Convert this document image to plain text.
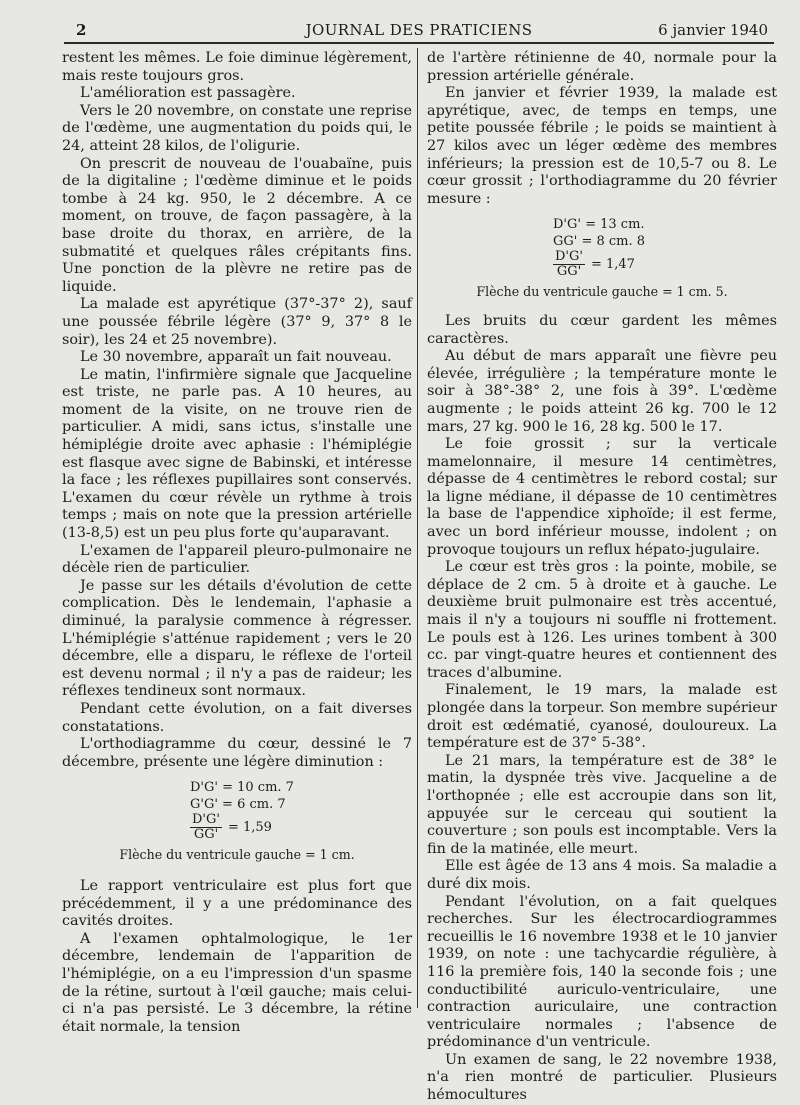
2	JOURNAL DES PRATICIENS	6 janvier 1940

restent les mêmes. Le foie diminue légèrement, mais reste toujours gros.

L'amélioration est passagère.

Vers le 20 novembre, on constate une reprise de l'œdème, une augmentation du poids qui, le 24, atteint 28 kilos, de l'oligurie.

On prescrit de nouveau de l'ouabaïne, puis de la digitaline ; l'œdème diminue et le poids tombe à 24 kg. 950, le 2 décembre. A ce moment, on trouve, de façon passagère, à la base droite du thorax, en arrière, de la submatité et quelques râles crépitants fins. Une ponction de la plèvre ne retire pas de liquide.

La malade est apyrétique (37°-37° 2), sauf une poussée fébrile légère (37° 9, 37° 8 le soir), les 24 et 25 novembre).

Le 30 novembre, apparaît un fait nouveau.

Le matin, l'infirmière signale que Jacqueline est triste, ne parle pas. A 10 heures, au moment de la visite, on ne trouve rien de particulier. A midi, sans ictus, s'installe une hémiplégie droite avec aphasie : l'hémiplégie est flasque avec signe de Babinski, et intéresse la face ; les réflexes pupillaires sont conservés. L'examen du cœur révèle un rythme à trois temps ; mais on note que la pression artérielle (13-8,5) est un peu plus forte qu'auparavant.

L'examen de l'appareil pleuro-pulmonaire ne décèle rien de particulier.

Je passe sur les détails d'évolution de cette complication. Dès le lendemain, l'aphasie a diminué, la paralysie commence à régresser. L'hémiplégie s'atténue rapidement ; vers le 20 décembre, elle a disparu, le réflexe de l'orteil est devenu normal ; il n'y a pas de raideur; les réflexes tendineux sont normaux.

Pendant cette évolution, on a fait diverses constatations.

L'orthodiagramme du cœur, dessiné le 7 décembre, présente une légère diminution :

D'G' = 10 cm. 7
G'G' = 6 cm. 7
$\frac{D'G'}{GG'} = 1,59$

Flèche du ventricule gauche = 1 cm.

Le rapport ventriculaire est plus fort que précédemment, il y a une prédominance des cavités droites.

A l'examen ophtalmologique, le 1er décembre, lendemain de l'apparition de l'hémiplégie, on a eu l'impression d'un spasme de la rétine, surtout à l'œil gauche; mais celui-ci n'a pas persisté. Le 3 décembre, la rétine était normale, la tension

de l'artère rétinienne de 40, normale pour la pression artérielle générale.

En janvier et février 1939, la malade est apyrétique, avec, de temps en temps, une petite poussée fébrile ; le poids se maintient à 27 kilos avec un léger œdème des membres inférieurs; la pression est de 10,5-7 ou 8. Le cœur grossit ; l'orthodiagramme du 20 février mesure :

D'G' = 13 cm.
GG' = 8 cm. 8
$\frac{D'G'}{GG'} = 1,47$

Flèche du ventricule gauche = 1 cm. 5.

Les bruits du cœur gardent les mêmes caractères.

Au début de mars apparaît une fièvre peu élevée, irrégulière ; la température monte le soir à 38°-38° 2, une fois à 39°. L'œdème augmente ; le poids atteint 26 kg. 700 le 12 mars, 27 kg. 900 le 16, 28 kg. 500 le 17.

Le foie grossit ; sur la verticale mamelonnaire, il mesure 14 centimètres, dépasse de 4 centimètres le rebord costal; sur la ligne médiane, il dépasse de 10 centimètres la base de l'appendice xiphoïde; il est ferme, avec un bord inférieur mousse, indolent ; on provoque toujours un reflux hépato-jugulaire.

Le cœur est très gros : la pointe, mobile, se déplace de 2 cm. 5 à droite et à gauche. Le deuxième bruit pulmonaire est très accentué, mais il n'y a toujours ni souffle ni frottement. Le pouls est à 126. Les urines tombent à 300 cc. par vingt-quatre heures et contiennent des traces d'albumine.

Finalement, le 19 mars, la malade est plongée dans la torpeur. Son membre supérieur droit est œdématié, cyanosé, douloureux. La température est de 37° 5-38°.

Le 21 mars, la température est de 38° le matin, la dyspnée très vive. Jacqueline a de l'orthopnée ; elle est accroupie dans son lit, appuyée sur le cerceau qui soutient la couverture ; son pouls est incomptable. Vers la fin de la matinée, elle meurt.

Elle est âgée de 13 ans 4 mois. Sa maladie a duré dix mois.

Pendant l'évolution, on a fait quelques recherches. Sur les électrocardiogrammes recueillis le 16 novembre 1938 et le 10 janvier 1939, on note : une tachycardie régulière, à 116 la première fois, 140 la seconde fois ; une conductibilité auriculo-ventriculaire, une contraction auriculaire, une contraction ventriculaire normales ; l'absence de prédominance d'un ventricule.

Un examen de sang, le 22 novembre 1938, n'a rien montré de particulier. Plusieurs hémocultures
